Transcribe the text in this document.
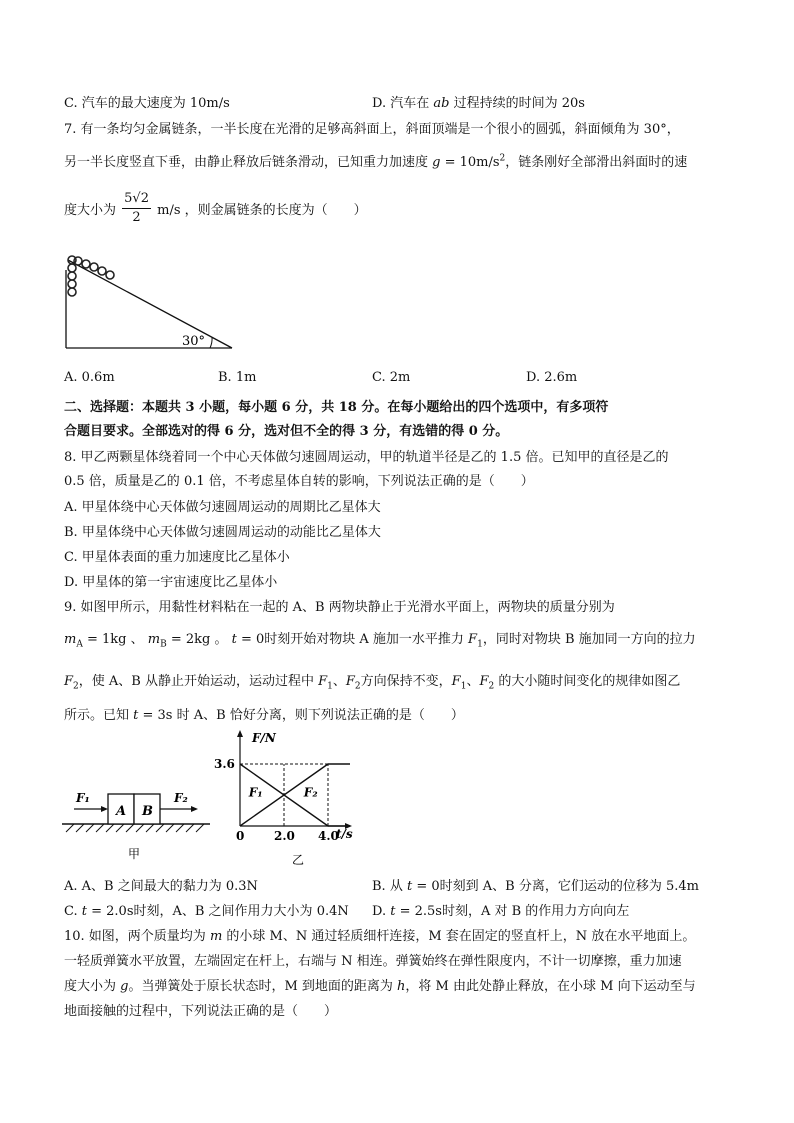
C. 汽车的最大速度为 10m/s	D. 汽车在 ab 过程持续的时间为 20s
7. 有一条均匀金属链条，一半长度在光滑的足够高斜面上，斜面顶端是一个很小的圆弧，斜面倾角为 30°，
另一半长度竖直下垂，由静止释放后链条滑动，已知重力加速度 $g = 10m/s^2$，链条刚好全部滑出斜面时的速
度大小为 $\frac{5√2}{2} m/s$ ，则金属链条的长度为（　　）
30°
A. 0.6m	B. 1m	C. 2m	D. 2.6m
二、选择题：本题共 3 小题，每小题 6 分，共 18 分。在每小题给出的四个选项中，有多项符
合题目要求。全部选对的得 6 分，选对但不全的得 3 分，有选错的得 0 分。
8. 甲乙两颗星体绕着同一个中心天体做匀速圆周运动，甲的轨道半径是乙的 1.5 倍。已知甲的直径是乙的
0.5 倍，质量是乙的 0.1 倍，不考虑星体自转的影响，下列说法正确的是（　　）
A. 甲星体绕中心天体做匀速圆周运动的周期比乙星体大
B. 甲星体绕中心天体做匀速圆周运动的动能比乙星体大
C. 甲星体表面的重力加速度比乙星体小
D. 甲星体的第一宇宙速度比乙星体小
9. 如图甲所示，用黏性材料粘在一起的 A、B 两物块静止于光滑水平面上，两物块的质量分别为
$m_A = 1kg$ 、 $m_B = 2kg$ 。 t = 0时刻开始对物块 A 施加一水平推力 $F_1$，同时对物块 B 施加同一方向的拉力
$F_2$，使 A、B 从静止开始运动，运动过程中 $F_1$、$F_2$方向保持不变，$F_1$、$F_2$ 的大小随时间变化的规律如图乙
所示。已知 t = 3s 时 A、B 恰好分离，则下列说法正确的是（　　）
A B
F₁	F₂
甲
F/N
t/s
F₁	F₂
3.6
0 2.0 4.0
乙
A. A、B 之间最大的黏力为 0.3N	B. 从 t = 0时刻到 A、B 分离，它们运动的位移为 5.4m
C. t = 2.0s时刻，A、B 之间作用力大小为 0.4N D. t = 2.5s时刻，A 对 B 的作用力方向向左
10. 如图，两个质量均为 m 的小球 M、N 通过轻质细杆连接，M 套在固定的竖直杆上，N 放在水平地面上。
一轻质弹簧水平放置，左端固定在杆上，右端与 N 相连。弹簧始终在弹性限度内，不计一切摩擦，重力加速
度大小为 g。当弹簧处于原长状态时，M 到地面的距离为 h，将 M 由此处静止释放，在小球 M 向下运动至与
地面接触的过程中，下列说法正确的是（　　）
